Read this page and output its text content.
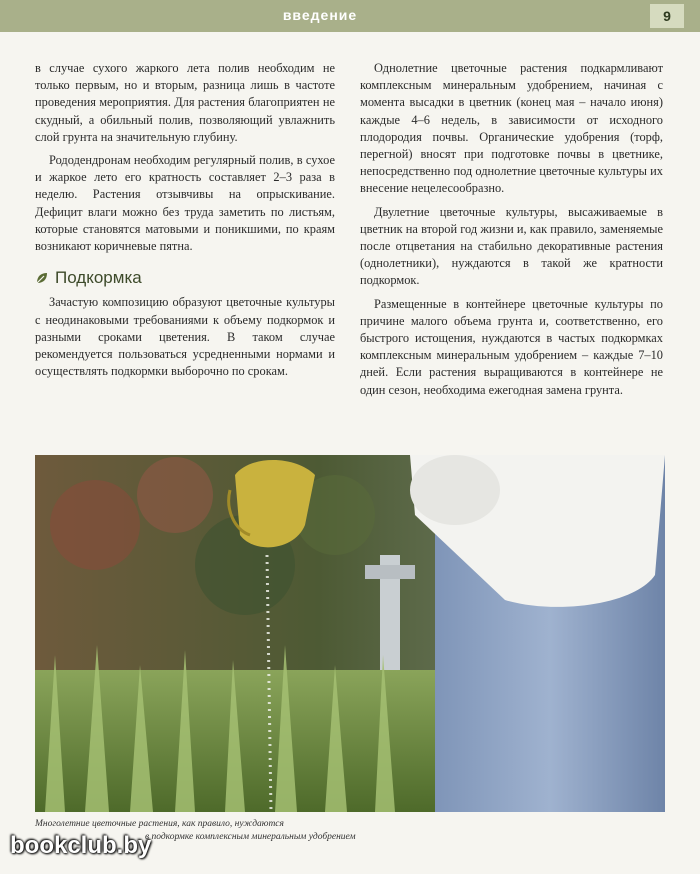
введение	9

в случае сухого жаркого лета полив необходим не только первым, но и вторым, разница лишь в частоте проведения мероприятия. Для растения благоприятен не скудный, а обильный полив, позволяющий увлажнить слой грунта на значительную глубину.

Рододендронам необходим регулярный полив, в сухое и жаркое лето его кратность составляет 2–3 раза в неделю. Растения отзывчивы на опрыскивание. Дефицит влаги можно без труда заметить по листьям, которые становятся матовыми и поникшими, по краям возникают коричневые пятна.

Подкормка

Зачастую композицию образуют цветочные культуры с неодинаковыми требованиями к объему подкормок и разными сроками цветения. В таком случае рекомендуется пользоваться усредненными нормами и осуществлять подкормки выборочно по срокам.

Однолетние цветочные растения подкармливают комплексным минеральным удобрением, начиная с момента высадки в цветник (конец мая – начало июня) каждые 4–6 недель, в зависимости от исходного плодородия почвы. Органические удобрения (торф, перегной) вносят при подготовке почвы в цветнике, непосредственно под однолетние цветочные культуры их внесение нецелесообразно.

Двулетние цветочные культуры, высаживаемые в цветник на второй год жизни и, как правило, заменяемые после отцветания на стабильно декоративные растения (однолетники), нуждаются в такой же кратности подкормок.

Размещенные в контейнере цветочные культуры по причине малого объема грунта и, соответственно, его быстрого истощения, нуждаются в частых подкормках комплексным минеральным удобрением – каждые 7–10 дней. Если растения выращиваются в контейнере не один сезон, необходима ежегодная замена грунта.

Многолетние цветочные растения, как правило, нуждаются
в подкормке комплексным минеральным удобрением
bookclub.by
